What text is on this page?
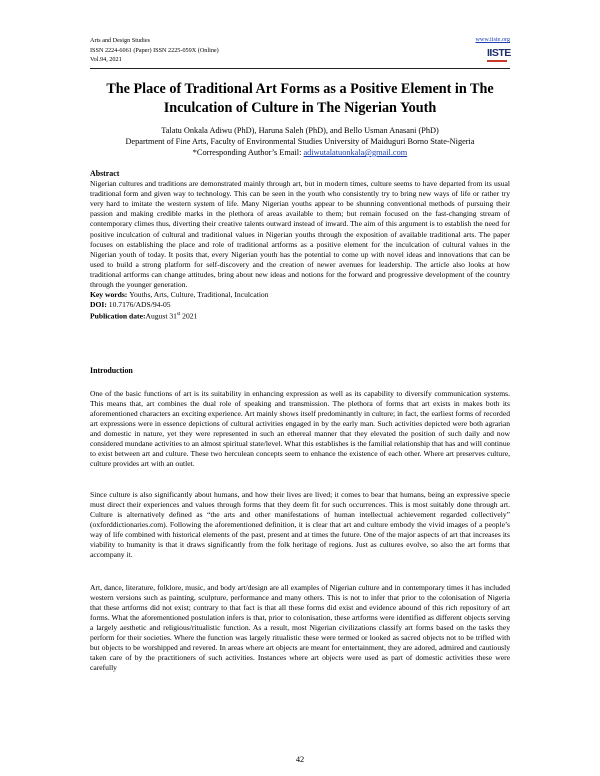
Arts and Design Studies
ISSN 2224-6061 (Paper) ISSN 2225-059X (Online)
Vol.94, 2021
www.iiste.org
IISTE
The Place of Traditional Art Forms as a Positive Element in The
Inculcation of Culture in The Nigerian Youth
Talatu Onkala Adiwu (PhD), Haruna Saleh (PhD), and Bello Usman Anasani (PhD)
Department of Fine Arts, Faculty of Environmental Studies University of Maiduguri Borno State-Nigeria
*Corresponding Author’s Email: adiwutalatuonkala@gmail.com
Abstract

Nigerian cultures and traditions are demonstrated mainly through art, but in modern times, culture seems to have departed from its usual traditional form and given way to technology. This can be seen in the youth who consistently try to bring new ways of life or rather try very hard to imitate the western system of life. Many Nigerian youths appear to be shunning conventional methods of pursuing their passion and making credible marks in the plethora of areas available to them; but remain focused on the fast-changing stream of contemporary climes thus, diverting their creative talents outward instead of inward. The aim of this argument is to establish the need for positive inculcation of cultural and traditional values in Nigerian youths through the exposition of available traditional arts. The paper focuses on establishing the place and role of traditional artforms as a positive element for the inculcation of cultural values in the Nigerian youth of today. It posits that, every Nigerian youth has the potential to come up with novel ideas and innovations that can be used to build a strong platform for self-discovery and the creation of newer avenues for leadership. The article also looks at how traditional artforms can change attitudes, bring about new ideas and notions for the forward and progressive development of the country through the younger generation.

Key words: Youths, Arts, Culture, Traditional, Inculcation
DOI: 10.7176/ADS/94-05
Publication date:August 31st 2021
Introduction

One of the basic functions of art is its suitability in enhancing expression as well as its capability to diversify communication systems. This means that, art combines the dual role of speaking and transmission. The plethora of forms that art exists in makes both its aforementioned characters an exciting experience. Art mainly shows itself predominantly in culture; in fact, the earliest forms of recorded art expressions were in essence depictions of cultural activities engaged in by the early man. Such activities depicted were both agrarian and domestic in nature, yet they were represented in such an ethereal manner that they elevated the position of such daily and now considered mundane activities to an almost spiritual state/level. What this establishes is the familial relationship that has and will continue to exist between art and culture. These two herculean concepts seem to enhance the existence of each other. Where art preserves culture, culture provides art with an outlet.

Since culture is also significantly about humans, and how their lives are lived; it comes to bear that humans, being an expressive specie must direct their experiences and values through forms that they deem fit for such occurrences. This is most suitably done through art. Culture is alternatively defined as “the arts and other manifestations of human intellectual achievement regarded collectively” (oxforddictionaries.com). Following the aforementioned definition, it is clear that art and culture embody the vivid images of a people’s way of life combined with historical elements of the past, present and at times the future. One of the major aspects of art that increases its viability to humanity is that it draws significantly from the folk heritage of regions. Just as cultures evolve, so also the art forms that accompany it.

Art, dance, literature, folklore, music, and body art/design are all examples of Nigerian culture and in contemporary times it has included western versions such as painting, sculpture, performance and many others. This is not to infer that prior to the colonisation of Nigeria that these artforms did not exist; contrary to that fact is that all these forms did exist and evidence abound of this rich repository of art forms. What the aforementioned postulation infers is that, prior to colonisation, these artforms were identified as different objects serving a largely aesthetic and religious/ritualistic function. As a result, most Nigerian civilizations classify art forms based on the tasks they perform for their societies. Where the function was largely ritualistic these were termed or looked as sacred objects not to be trifled with but objects to be worshipped and revered. In areas where art objects are meant for entertainment, they are adored, admired and cautiously taken care of by the practitioners of such activities. Instances where art objects were used as part of domestic activities these were carefully

42
